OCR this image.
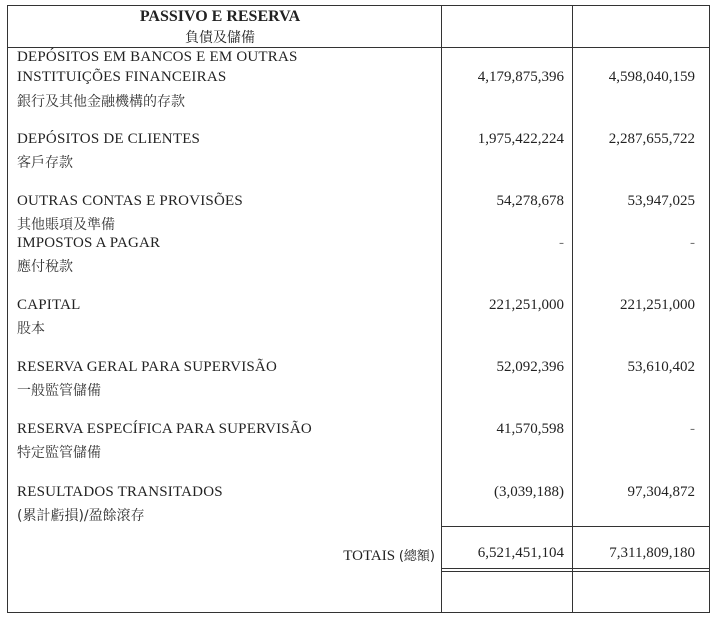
PASSIVO E RESERVA
負債及儲備
DEPÓSITOS EM BANCOS E EM OUTRAS
INSTITUIÇÕES FINANCEIRAS
銀行及其他金融機構的存款
4,179,875,396	4,598,040,159
DEPÓSITOS DE CLIENTES
客戶存款
1,975,422,224	2,287,655,722
OUTRAS CONTAS E PROVISÕES
其他賬項及準備
54,278,678	53,947,025
IMPOSTOS A PAGAR
應付稅款
-	-
CAPITAL
股本
221,251,000	221,251,000
RESERVA GERAL PARA SUPERVISÃO
一般監管儲備
52,092,396	53,610,402
RESERVA ESPECÍFICA PARA SUPERVISÃO
特定監管儲備
41,570,598	-
RESULTADOS TRANSITADOS
(累計虧損)/盈餘滾存
(3,039,188)	97,304,872
TOTAIS (總額)	6,521,451,104	7,311,809,180
